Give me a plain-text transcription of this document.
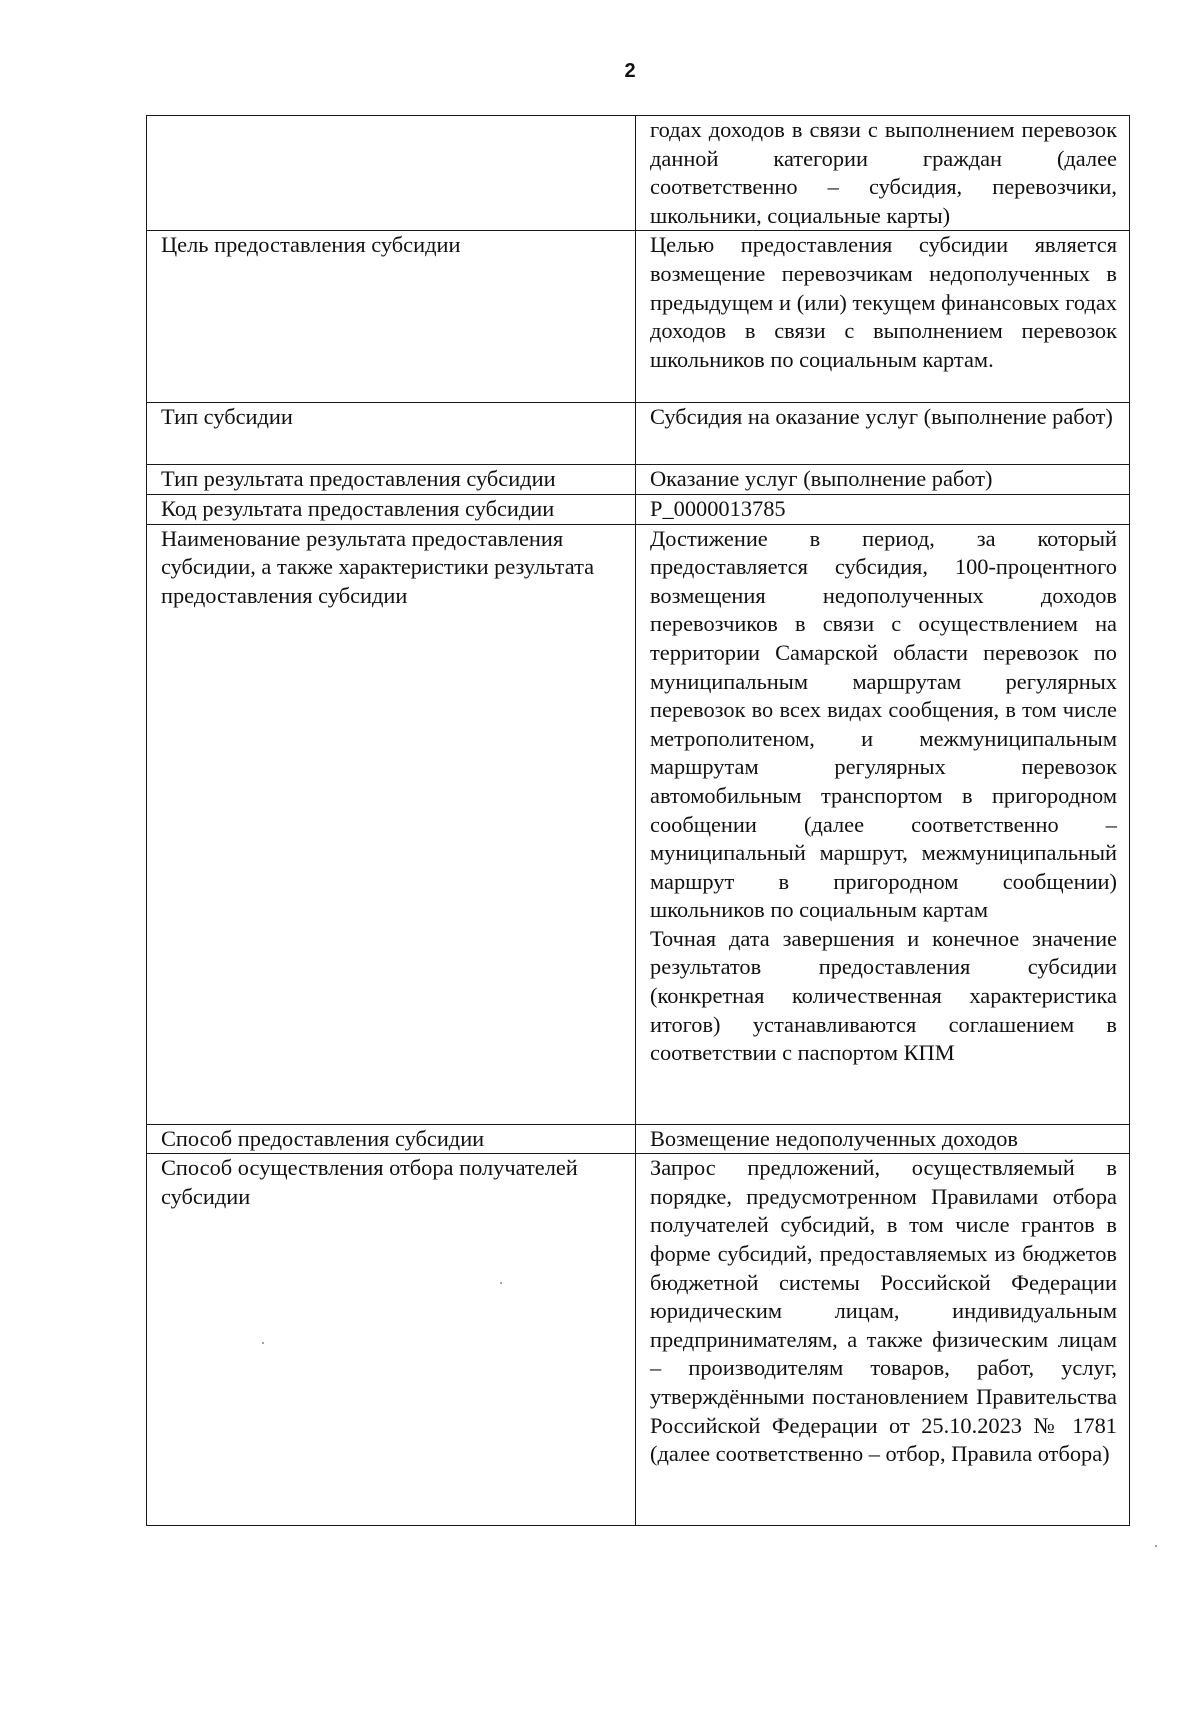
2

	годах доходов в связи с выполнением перевозок данной категории граждан (далее соответственно – субсидия, перевозчики, школьники, социальные карты)

Цель предоставления субсидии	Целью предоставления субсидии является возмещение перевозчикам недополученных в предыдущем и (или) текущем финансовых годах доходов в связи с выполнением перевозок школьников по социальным картам.

Тип субсидии	Субсидия на оказание услуг (выполнение работ)

Тип результата предоставления субсидии	Оказание услуг (выполнение работ)

Код результата предоставления субсидии	P_0000013785

Наименование результата предоставления субсидии, а также характеристики результата предоставления субсидии	Достижение в период, за который предоставляется субсидия, 100-процентного возмещения недополученных доходов перевозчиков в связи с осуществлением на территории Самарской области перевозок по муниципальным маршрутам регулярных перевозок во всех видах сообщения, в том числе метрополитеном, и межмуниципальным маршрутам регулярных перевозок автомобильным транспортом в пригородном сообщении (далее соответственно – муниципальный маршрут, межмуниципальный маршрут в пригородном сообщении) школьников по социальным картам
Точная дата завершения и конечное значение результатов предоставления субсидии (конкретная количественная характеристика итогов) устанавливаются соглашением в соответствии с паспортом КПМ

Способ предоставления субсидии	Возмещение недополученных доходов

Способ осуществления отбора получателей субсидии	Запрос предложений, осуществляемый в порядке, предусмотренном Правилами отбора получателей субсидий, в том числе грантов в форме субсидий, предоставляемых из бюджетов бюджетной системы Российской Федерации юридическим лицам, индивидуальным предпринимателям, а также физическим лицам – производителям товаров, работ, услуг, утверждёнными постановлением Правительства Российской Федерации от 25.10.2023 № 1781 (далее соответственно – отбор, Правила отбора)
